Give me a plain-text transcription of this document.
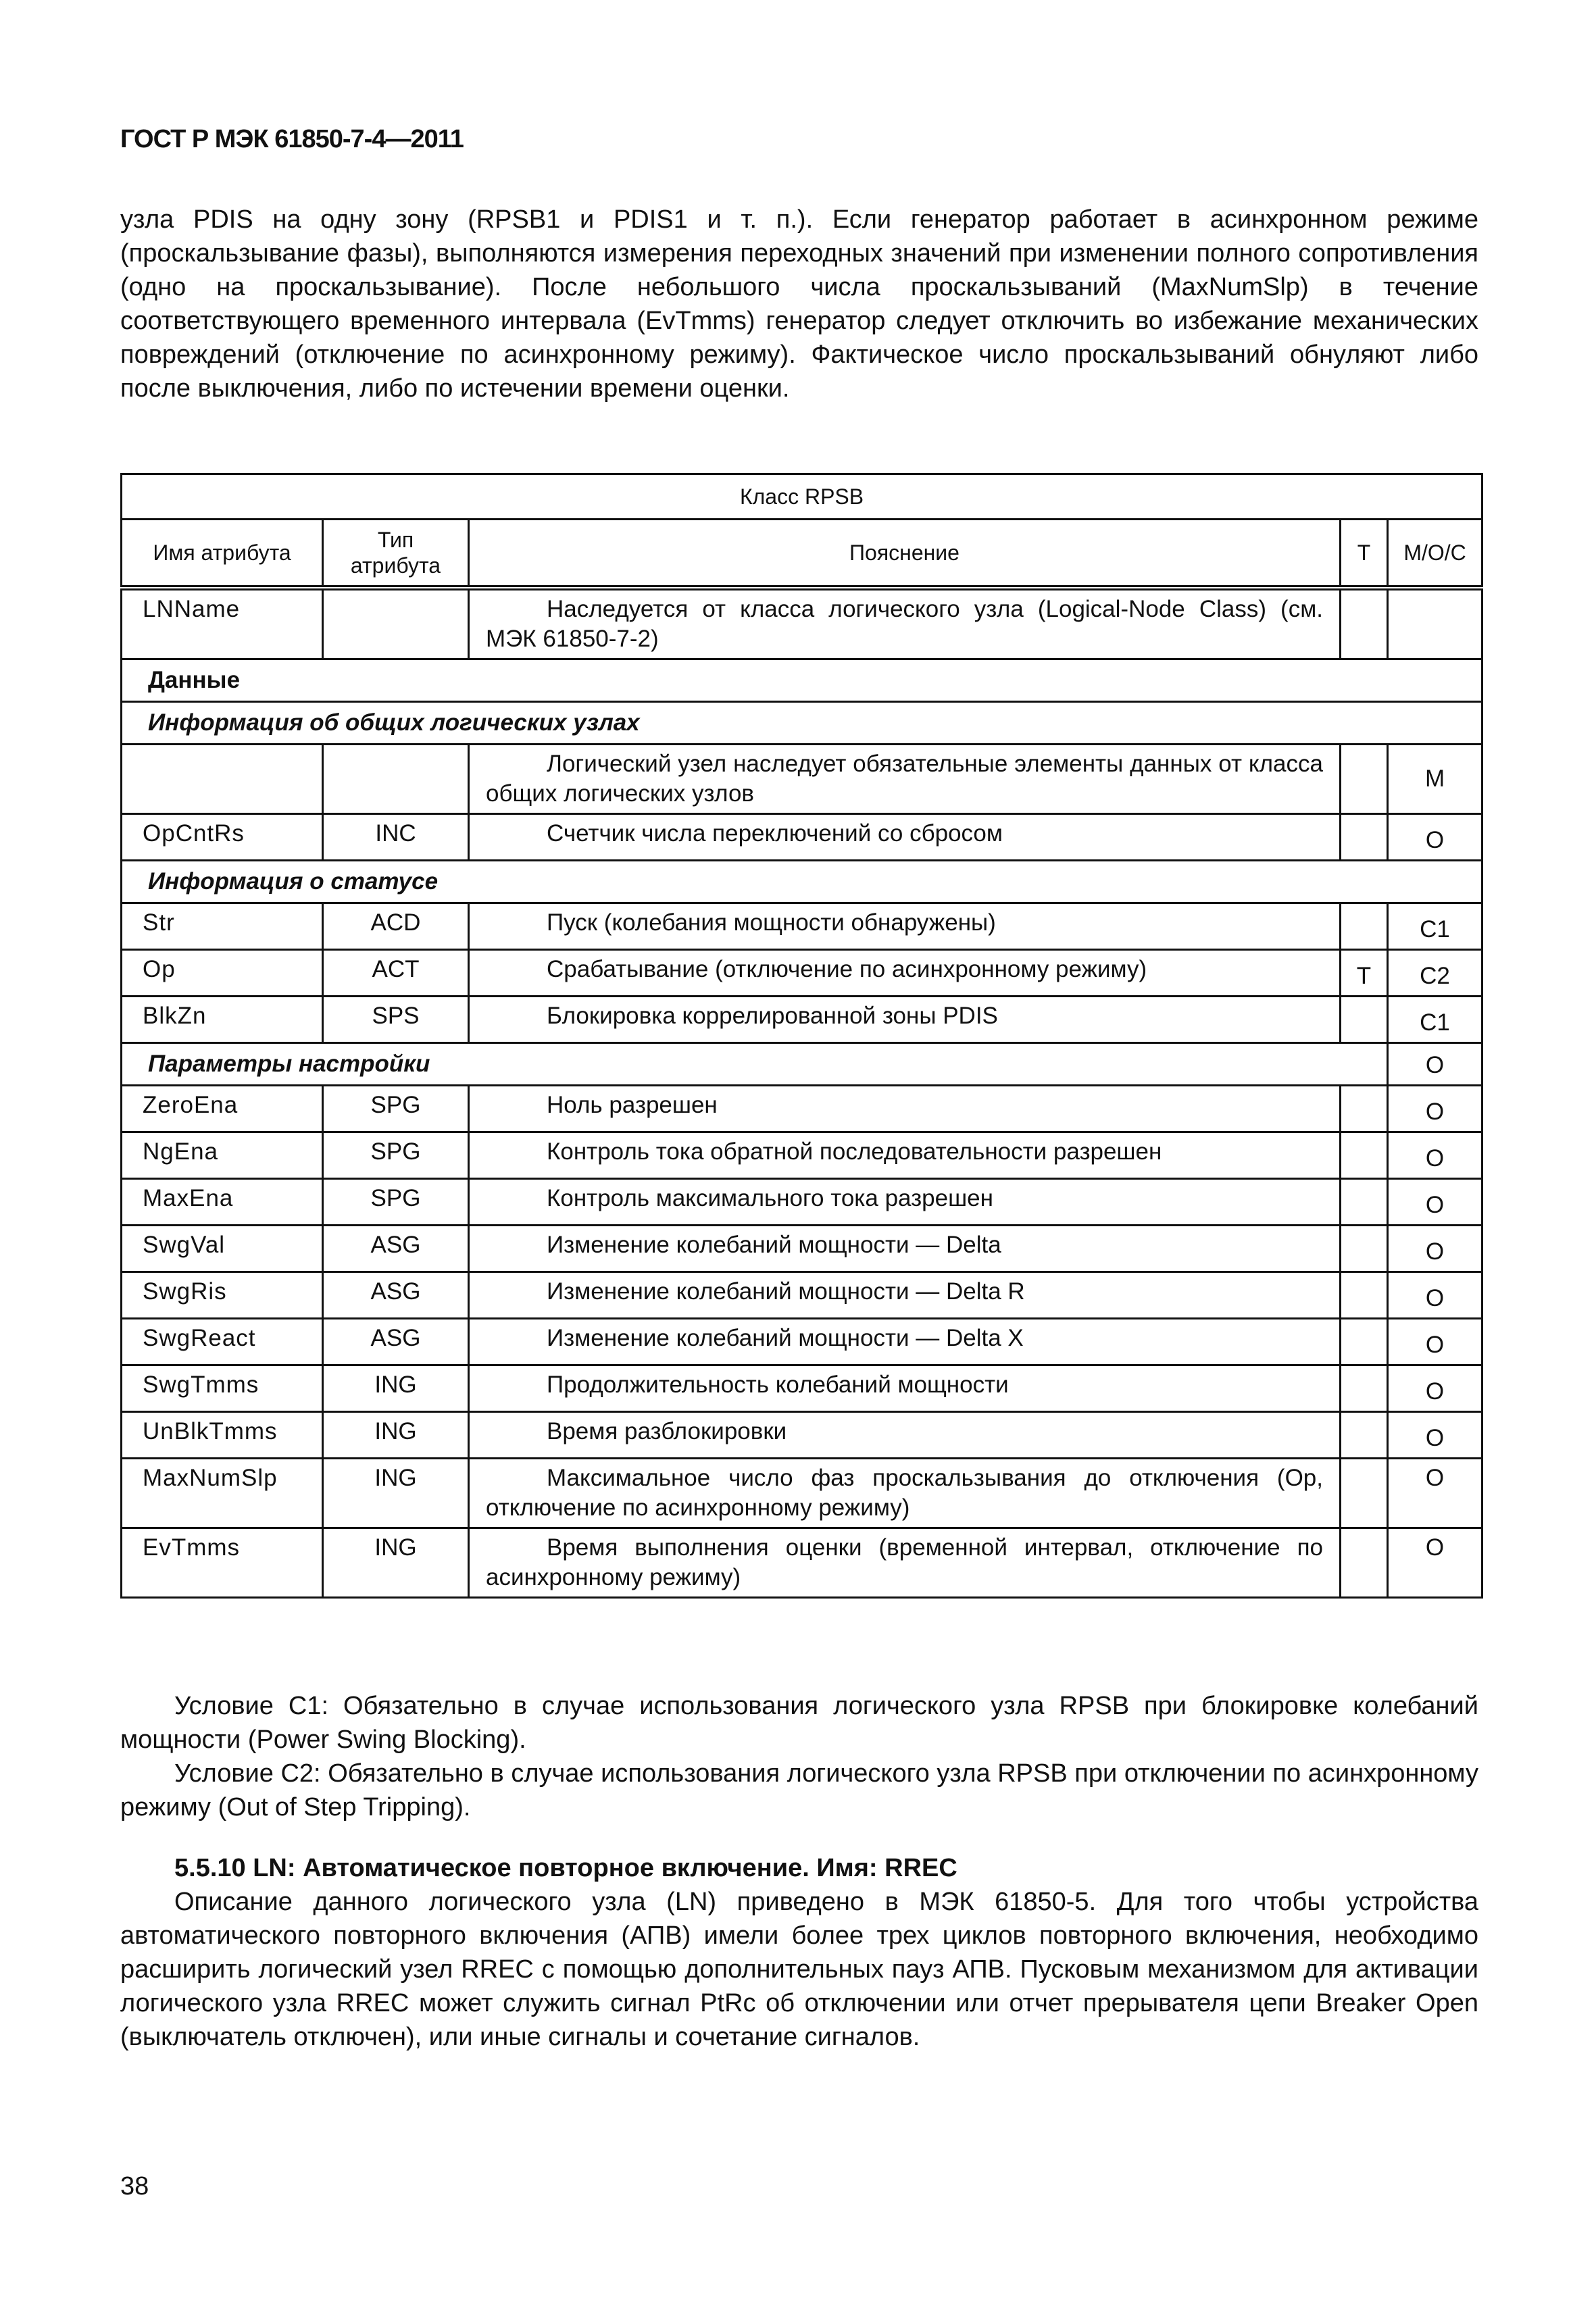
ГОСТ Р МЭК 61850-7-4—2011
узла PDIS на одну зону (RPSB1 и PDIS1 и т. п.). Если генератор работает в асинхронном режиме (проскальзывание фазы), выполняются измерения переходных значений при изменении полного сопротивления (одно на проскальзывание). После небольшого числа проскальзываний (MaxNumSlp) в течение соответствующего временного интервала (EvTmms) генератор следует отключить во избежание механических повреждений (отключение по асинхронному режиму). Фактическое число проскальзываний обнуляют либо после выключения, либо по истечении времени оценки.
Класс RPSB				
Имя атрибута	Тип атрибута	Пояснение	T	M/O/C
LNName		Наследуется от класса логического узла (Logical-Node Class) (см. МЭК 61850-7-2)		
Данные				
Информация об общих логических узлах				
		Логический узел наследует обязательные элементы данных от класса общих логических узлов		M
OpCntRs	INC	Счетчик числа переключений со сбросом		O
Информация о статусе				
Str	ACD	Пуск (колебания мощности обнаружены)		C1
Op	ACT	Срабатывание (отключение по асинхронному режиму)	T	C2
BlkZn	SPS	Блокировка коррелированной зоны PDIS		C1
Параметры настройки				O
ZeroEna	SPG	Ноль разрешен		O
NgEna	SPG	Контроль тока обратной последовательности разрешен		O
MaxEna	SPG	Контроль максимального тока разрешен		O
SwgVal	ASG	Изменение колебаний мощности — Delta		O
SwgRis	ASG	Изменение колебаний мощности — Delta R		O
SwgReact	ASG	Изменение колебаний мощности — Delta X		O
SwgTmms	ING	Продолжительность колебаний мощности		O
UnBlkTmms	ING	Время разблокировки		O
MaxNumSlp	ING	Максимальное число фаз проскальзывания до отключения (Op, отключение по асинхронному режиму)		O
EvTmms	ING	Время выполнения оценки (временной интервал, отключение по асинхронному режиму)		O
Условие С1: Обязательно в случае использования логического узла RPSB при блокировке колебаний мощности (Power Swing Blocking).
Условие С2: Обязательно в случае использования логического узла RPSB при отключении по асинхронному режиму (Out of Step Tripping).
5.5.10 LN: Автоматическое повторное включение. Имя: RREC
Описание данного логического узла (LN) приведено в МЭК 61850-5. Для того чтобы устройства автоматического повторного включения (АПВ) имели более трех циклов повторного включения, необходимо расширить логический узел RREC с помощью дополнительных пауз АПВ. Пусковым механизмом для активации логического узла RREC может служить сигнал PtRc об отключении или отчет прерывателя цепи Breaker Open (выключатель отключен), или иные сигналы и сочетание сигналов.
38
